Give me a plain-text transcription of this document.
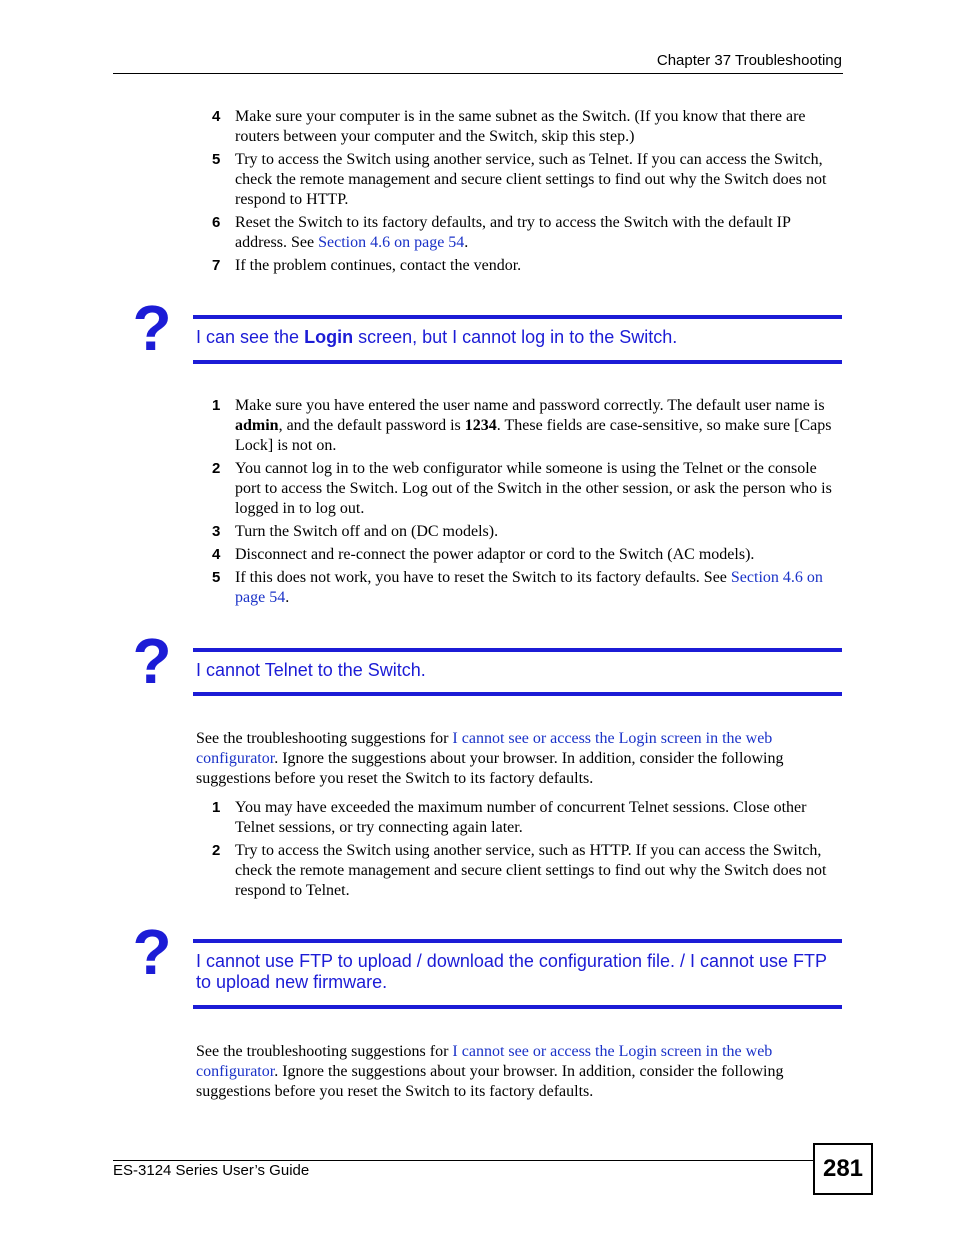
Chapter 37 Troubleshooting
4 Make sure your computer is in the same subnet as the Switch. (If you know that there are routers between your computer and the Switch, skip this step.)
5 Try to access the Switch using another service, such as Telnet. If you can access the Switch, check the remote management and secure client settings to find out why the Switch does not respond to HTTP.
6 Reset the Switch to its factory defaults, and try to access the Switch with the default IP address. See Section 4.6 on page 54.
7 If the problem continues, contact the vendor.
? I can see the Login screen, but I cannot log in to the Switch.
1 Make sure you have entered the user name and password correctly. The default user name is admin, and the default password is 1234. These fields are case-sensitive, so make sure [Caps Lock] is not on.
2 You cannot log in to the web configurator while someone is using the Telnet or the console port to access the Switch. Log out of the Switch in the other session, or ask the person who is logged in to log out.
3 Turn the Switch off and on (DC models).
4 Disconnect and re-connect the power adaptor or cord to the Switch (AC models).
5 If this does not work, you have to reset the Switch to its factory defaults. See Section 4.6 on page 54.
? I cannot Telnet to the Switch.
See the troubleshooting suggestions for I cannot see or access the Login screen in the web configurator. Ignore the suggestions about your browser. In addition, consider the following suggestions before you reset the Switch to its factory defaults.
1 You may have exceeded the maximum number of concurrent Telnet sessions. Close other Telnet sessions, or try connecting again later.
2 Try to access the Switch using another service, such as HTTP. If you can access the Switch, check the remote management and secure client settings to find out why the Switch does not respond to Telnet.
? I cannot use FTP to upload / download the configuration file. / I cannot use FTP to upload new firmware.
See the troubleshooting suggestions for I cannot see or access the Login screen in the web configurator. Ignore the suggestions about your browser. In addition, consider the following suggestions before you reset the Switch to its factory defaults.
ES-3124 Series User’s Guide	281
